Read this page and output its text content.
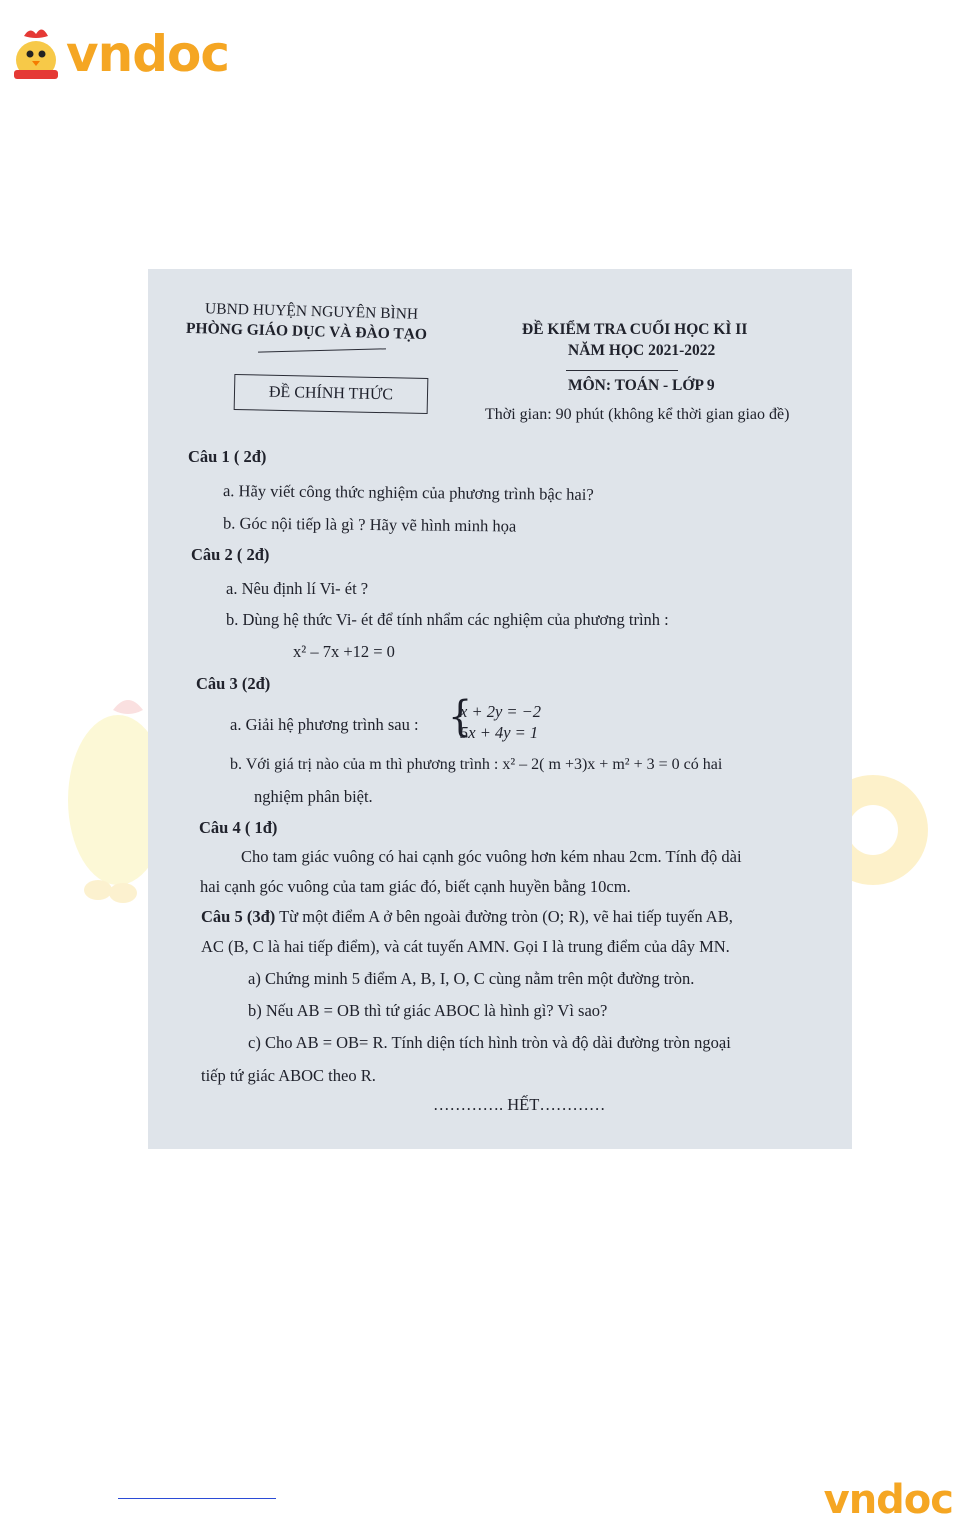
vndoc
UBND HUYỆN NGUYÊN BÌNH
PHÒNG GIÁO DỤC VÀ ĐÀO TẠO
ĐỀ CHÍNH THỨC
ĐỀ KIỂM TRA CUỐI HỌC KÌ II
NĂM HỌC 2021-2022
MÔN: TOÁN - LỚP 9
Thời gian: 90 phút (không kể thời gian giao đề)
Câu 1 ( 2đ)
a. Hãy viết công thức nghiệm của phương trình bậc hai?
b. Góc nội tiếp là gì ? Hãy vẽ hình minh họa
Câu 2 ( 2đ)
a. Nêu định lí Vi- ét ?
b. Dùng hệ thức Vi- ét để tính nhẩm các nghiệm của phương trình :
x² – 7x +12 = 0
Câu 3 (2đ)
a. Giải hệ phương trình sau : {
x + 2y = −2
5x + 4y = 1
b. Với giá trị nào của m thì phương trình : x² – 2( m +3)x + m² + 3 = 0 có hai
nghiệm phân biệt.
Câu 4 ( 1đ)
Cho tam giác vuông có hai cạnh góc vuông hơn kém nhau 2cm. Tính độ dài
hai cạnh góc vuông của tam giác đó, biết cạnh huyền bằng 10cm.
Câu 5 (3đ) Từ một điểm A ở bên ngoài đường tròn (O; R), vẽ hai tiếp tuyến AB,
AC (B, C là hai tiếp điểm), và cát tuyến AMN. Gọi I là trung điểm của dây MN.
a) Chứng minh 5 điểm A, B, I, O, C cùng nằm trên một đường tròn.
b) Nếu AB = OB thì tứ giác ABOC là hình gì? Vì sao?
c) Cho AB = OB= R. Tính diện tích hình tròn và độ dài đường tròn ngoại
tiếp tứ giác ABOC theo R.
…………. HẾT…………
vndoc
